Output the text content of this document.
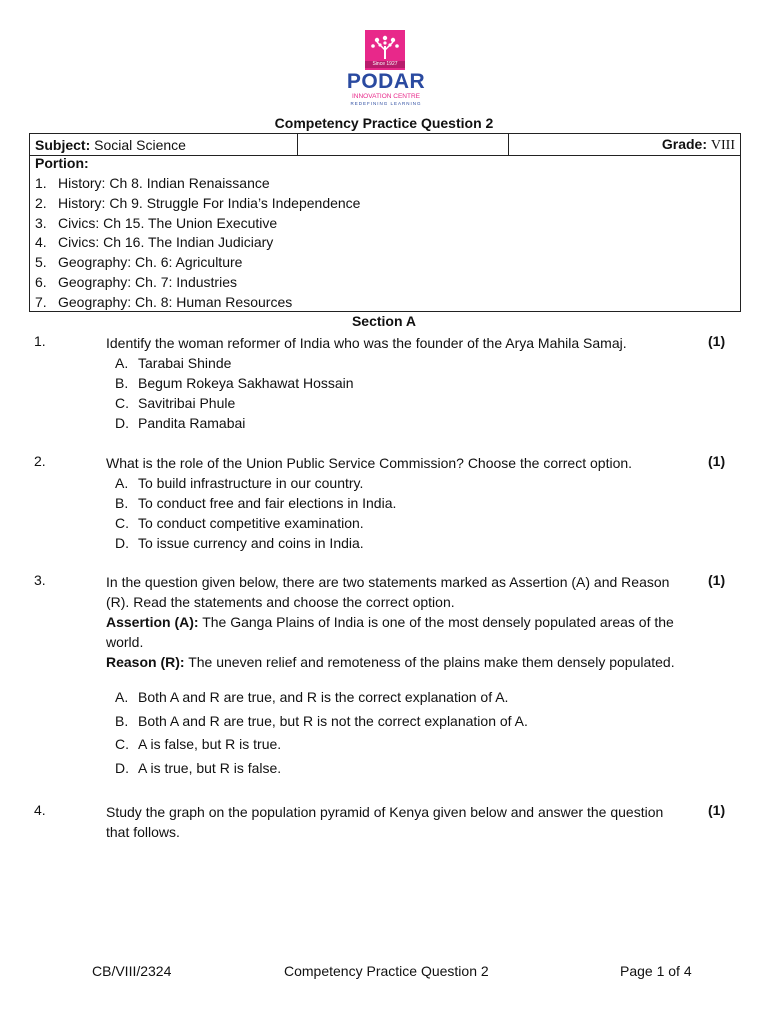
Since 1927
PODAR
INNOVATION CENTRE
REDEFINING LEARNING
Competency Practice Question 2
Subject: Social Science		Grade: VIII
Portion:
1. History: Ch 8. Indian Renaissance
2. History: Ch 9. Struggle For India’s Independence
3. Civics: Ch 15. The Union Executive
4. Civics: Ch 16. The Indian Judiciary
5. Geography: Ch. 6: Agriculture
6. Geography: Ch. 7: Industries
7. Geography: Ch. 8: Human Resources
Section A
1.	Identify the woman reformer of India who was the founder of the Arya Mahila Samaj.	(1)
A. Tarabai Shinde
B. Begum Rokeya Sakhawat Hossain
C. Savitribai Phule
D. Pandita Ramabai
2.	What is the role of the Union Public Service Commission? Choose the correct option.	(1)
A. To build infrastructure in our country.
B. To conduct free and fair elections in India.
C. To conduct competitive examination.
D. To issue currency and coins in India.
3.	In the question given below, there are two statements marked as Assertion (A) and Reason (R). Read the statements and choose the correct option.
Assertion (A): The Ganga Plains of India is one of the most densely populated areas of the world.
Reason (R): The uneven relief and remoteness of the plains make them densely populated.
(1)
A. Both A and R are true, and R is the correct explanation of A.
B. Both A and R are true, but R is not the correct explanation of A.
C. A is false, but R is true.
D. A is true, but R is false.
4.	Study the graph on the population pyramid of Kenya given below and answer the question that follows.
(1)
CB/VIII/2324	Competency Practice Question 2	Page 1 of 4
